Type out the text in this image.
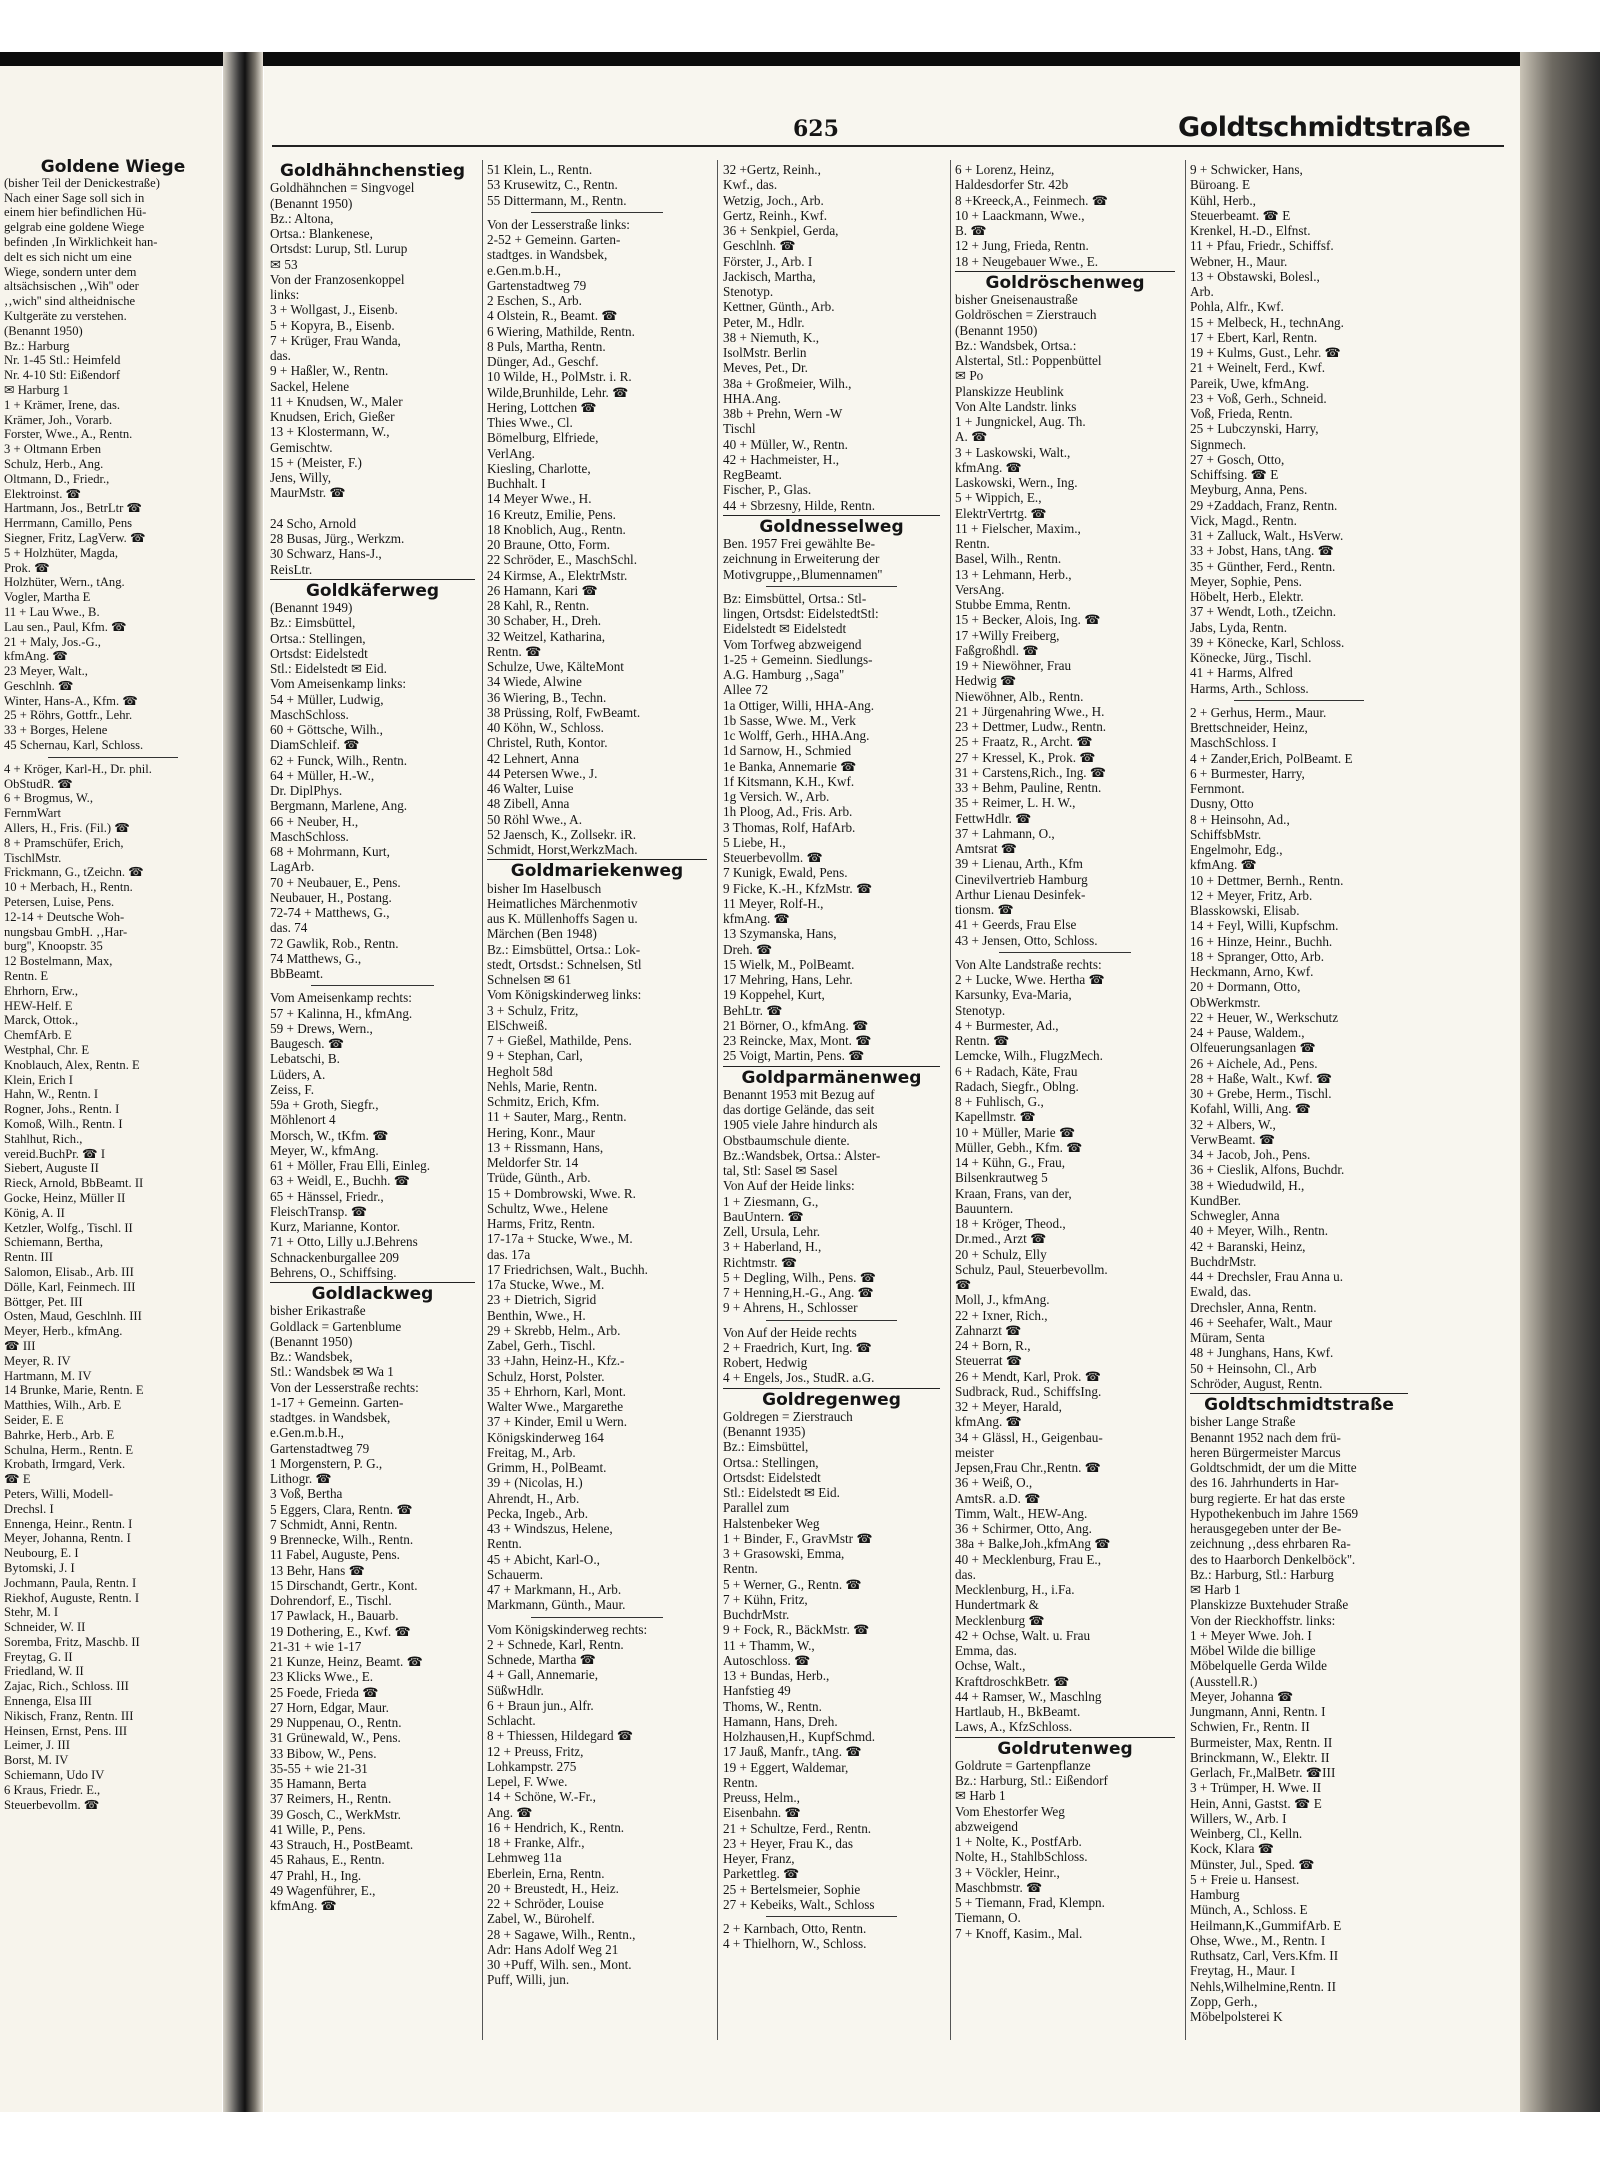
625	Goldtschmidtstraße
Goldene Wiege
(bisher Teil der Denickestraße)
Nach einer Sage soll sich in
einem hier befindlichen Hü-
gelgrab eine goldene Wiege
befinden ‚In Wirklichkeit han-
delt es sich nicht um eine
Wiege, sondern unter dem
altsächsischen ‚‚Wih'' oder
‚‚wich'' sind altheidnische
Kultgeräte zu verstehen.
(Benannt 1950)
Bz.: Harburg
Nr. 1-45 Stl.: Heimfeld
Nr. 4-10 Stl: Eißendorf
✉ Harburg 1
1 + Krämer, Irene, das.
Krämer, Joh., Vorarb.
Forster, Wwe., A., Rentn.
3 + Oltmann Erben
Schulz, Herb., Ang.
Oltmann, D., Friedr.,
Elektroinst. ☎
Hartmann, Jos., BetrLtr ☎
Herrmann, Camillo, Pens
Siegner, Fritz, LagVerw. ☎
5 + Holzhüter, Magda,
Prok. ☎
Holzhüter, Wern., tAng.
Vogler, Martha E
11 + Lau Wwe., B.
Lau sen., Paul, Kfm. ☎
21 + Maly, Jos.-G.,
kfmAng. ☎
23 Meyer, Walt.,
Geschlnh. ☎
Winter, Hans-A., Kfm. ☎
25 + Röhrs, Gottfr., Lehr.
33 + Borges, Helene
45 Schernau, Karl, Schloss.
4 + Kröger, Karl-H., Dr. phil.
ObStudR. ☎
6 + Brogmus, W.,
FernmWart
Allers, H., Fris. (Fil.) ☎
8 + Pramschüfer, Erich,
TischlMstr.
Frickmann, G., tZeichn. ☎
10 + Merbach, H., Rentn.
Petersen, Luise, Pens.
12-14 + Deutsche Woh-
nungsbau GmbH. ‚‚Har-
burg'', Knoopstr. 35
12 Bostelmann, Max,
Rentn. E
Ehrhorn, Erw.,
HEW-Helf. E
Marck, Ottok.,
ChemfArb. E
Westphal, Chr. E
Knoblauch, Alex, Rentn. E
Klein, Erich I
Hahn, W., Rentn. I
Rogner, Johs., Rentn. I
Komoß, Wilh., Rentn. I
Stahlhut, Rich.,
vereid.BuchPr. ☎ I
Siebert, Auguste II
Rieck, Arnold, BbBeamt. II
Gocke, Heinz, Müller II
König, A. II
Ketzler, Wolfg., Tischl. II
Schiemann, Bertha,
Rentn. III
Salomon, Elisab., Arb. III
Dölle, Karl, Feinmech. III
Böttger, Pet. III
Osten, Maud, Geschlnh. III
Meyer, Herb., kfmAng.
☎ III
Meyer, R. IV
Hartmann, M. IV
14 Brunke, Marie, Rentn. E
Matthies, Wilh., Arb. E
Seider, E. E
Bahrke, Herb., Arb. E
Schulna, Herm., Rentn. E
Krobath, Irmgard, Verk.
☎ E
Peters, Willi, Modell-
Drechsl. I
Ennenga, Heinr., Rentn. I
Meyer, Johanna, Rentn. I
Neubourg, E. I
Bytomski, J. I
Jochmann, Paula, Rentn. I
Riekhof, Auguste, Rentn. I
Stehr, M. I
Schneider, W. II
Soremba, Fritz, Maschb. II
Freytag, G. II
Friedland, W. II
Zajac, Rich., Schloss. III
Ennenga, Elsa III
Nikisch, Franz, Rentn. III
Heinsen, Ernst, Pens. III
Leimer, J. III
Borst, M. IV
Schiemann, Udo IV
6 Kraus, Friedr. E.,
Steuerbevollm. ☎
Goldhähnchenstieg
Goldhähnchen = Singvogel
(Benannt 1950)
Bz.: Altona,
Ortsa.: Blankenese,
Ortsdst: Lurup, Stl. Lurup
✉ 53
Von der Franzosenkoppel
links:
3 + Wollgast, J., Eisenb.
5 + Kopyra, B., Eisenb.
7 + Krüger, Frau Wanda,
das.
9 + Haßler, W., Rentn.
Sackel, Helene
11 + Knudsen, W., Maler
Knudsen, Erich, Gießer
13 + Klostermann, W.,
Gemischtw.
15 + (Meister, F.)
Jens, Willy,
MaurMstr. ☎

24 Scho, Arnold
28 Busas, Jürg., Werkzm.
30 Schwarz, Hans-J.,
ReisLtr.
Goldkäferweg
(Benannt 1949)
Bz.: Eimsbüttel,
Ortsa.: Stellingen,
Ortsdst: Eidelstedt
Stl.: Eidelstedt ✉ Eid.
Vom Ameisenkamp links:
54 + Müller, Ludwig,
MaschSchloss.
60 + Göttsche, Wilh.,
DiamSchleif. ☎
62 + Funck, Wilh., Rentn.
64 + Müller, H.-W.,
Dr. DiplPhys.
Bergmann, Marlene, Ang.
66 + Neuber, H.,
MaschSchloss.
68 + Mohrmann, Kurt,
LagArb.
70 + Neubauer, E., Pens.
Neubauer, H., Postang.
72-74 + Matthews, G.,
das. 74
72 Gawlik, Rob., Rentn.
74 Matthews, G.,
BbBeamt.
Vom Ameisenkamp rechts:
57 + Kalinna, H., kfmAng.
59 + Drews, Wern.,
Baugesch. ☎
Lebatschi, B.
Lüders, A.
Zeiss, F.
59a + Groth, Siegfr.,
Möhlenort 4
Morsch, W., tKfm. ☎
Meyer, W., kfmAng.
61 + Möller, Frau Elli, Einleg.
63 + Weidl, E., Buchh. ☎
65 + Hänssel, Friedr.,
FleischTransp. ☎
Kurz, Marianne, Kontor.
71 + Otto, Lilly u.J.Behrens
Schnackenburgallee 209
Behrens, O., Schiffsing.
Goldlackweg
bisher Erikastraße
Goldlack = Gartenblume
(Benannt 1950)
Bz.: Wandsbek,
Stl.: Wandsbek ✉ Wa 1
Von der Lesserstraße rechts:
1-17 + Gemeinn. Garten-
stadtges. in Wandsbek,
e.Gen.m.b.H.,
Gartenstadtweg 79
1 Morgenstern, P. G.,
Lithogr. ☎
3 Voß, Bertha
5 Eggers, Clara, Rentn. ☎
7 Schmidt, Anni, Rentn.
9 Brennecke, Wilh., Rentn.
11 Fabel, Auguste, Pens.
13 Behr, Hans ☎
15 Dirschandt, Gertr., Kont.
Dohrendorf, E., Tischl.
17 Pawlack, H., Bauarb.
19 Dothering, E., Kwf. ☎
21-31 + wie 1-17
21 Kunze, Heinz, Beamt. ☎
23 Klicks Wwe., E.
25 Foede, Frieda ☎
27 Horn, Edgar, Maur.
29 Nuppenau, O., Rentn.
31 Grünewald, W., Pens.
33 Bibow, W., Pens.
35-55 + wie 21-31
35 Hamann, Berta
37 Reimers, H., Rentn.
39 Gosch, C., WerkMstr.
41 Wille, P., Pens.
43 Strauch, H., PostBeamt.
45 Rahaus, E., Rentn.
47 Prahl, H., Ing.
49 Wagenführer, E.,
kfmAng. ☎
51 Klein, L., Rentn.
53 Krusewitz, C., Rentn.
55 Dittermann, M., Rentn.
Von der Lesserstraße links:
2-52 + Gemeinn. Garten-
stadtges. in Wandsbek,
e.Gen.m.b.H.,
Gartenstadtweg 79
2 Eschen, S., Arb.
4 Olstein, R., Beamt. ☎
6 Wiering, Mathilde, Rentn.
8 Puls, Martha, Rentn.
Dünger, Ad., Geschf.
10 Wilde, H., PolMstr. i. R.
Wilde,Brunhilde, Lehr. ☎
Hering, Lottchen ☎
Thies Wwe., Cl.
Bömelburg, Elfriede,
VerlAng.
Kiesling, Charlotte,
Buchhalt. I
14 Meyer Wwe., H.
16 Kreutz, Emilie, Pens.
18 Knoblich, Aug., Rentn.
20 Braune, Otto, Form.
22 Schröder, E., MaschSchl.
24 Kirmse, A., ElektrMstr.
26 Hamann, Kari ☎
28 Kahl, R., Rentn.
30 Schaber, H., Dreh.
32 Weitzel, Katharina,
Rentn. ☎
Schulze, Uwe, KälteMont
34 Wiede, Alwine
36 Wiering, B., Techn.
38 Prüssing, Rolf, FwBeamt.
40 Köhn, W., Schloss.
Christel, Ruth, Kontor.
42 Lehnert, Anna
44 Petersen Wwe., J.
46 Walter, Luise
48 Zibell, Anna
50 Röhl Wwe., A.
52 Jaensch, K., Zollsekr. iR.
Schmidt, Horst,WerkzMach.
Goldmariekenweg
bisher Im Haselbusch
Heimatliches Märchenmotiv
aus K. Müllenhoffs Sagen u.
Märchen (Ben 1948)
Bz.: Eimsbüttel, Ortsa.: Lok-
stedt, Ortsdst.: Schnelsen, Stl
Schnelsen ✉ 61
Vom Königskinderweg links:
3 + Schulz, Fritz,
ElSchweiß.
7 + Gießel, Mathilde, Pens.
9 + Stephan, Carl,
Hegholt 58d
Nehls, Marie, Rentn.
Schmitz, Erich, Kfm.
11 + Sauter, Marg., Rentn.
Hering, Konr., Maur
13 + Rissmann, Hans,
Meldorfer Str. 14
Trüde, Günth., Arb.
15 + Dombrowski, Wwe. R.
Schultz, Wwe., Helene
Harms, Fritz, Rentn.
17-17a + Stucke, Wwe., M.
das. 17a
17 Friedrichsen, Walt., Buchh.
17a Stucke, Wwe., M.
23 + Dietrich, Sigrid
Benthin, Wwe., H.
29 + Skrebb, Helm., Arb.
Zabel, Gerh., Tischl.
33 +Jahn, Heinz-H., Kfz.-
Schulz, Horst, Polster.
35 + Ehrhorn, Karl, Mont.
Walter Wwe., Margarethe
37 + Kinder, Emil u Wern.
Königskinderweg 164
Freitag, M., Arb.
Grimm, H., PolBeamt.
39 + (Nicolas, H.)
Ahrendt, H., Arb.
Pecka, Ingeb., Arb.
43 + Windszus, Helene,
Rentn.
45 + Abicht, Karl-O.,
Schauerm.
47 + Markmann, H., Arb.
Markmann, Günth., Maur.
Vom Königskinderweg rechts:
2 + Schnede, Karl, Rentn.
Schnede, Martha ☎
4 + Gall, Annemarie,
SüßwHdlr.
6 + Braun jun., Alfr.
Schlacht.
8 + Thiessen, Hildegard ☎
12 + Preuss, Fritz,
Lohkampstr. 275
Lepel, F. Wwe.
14 + Schöne, W.-Fr.,
Ang. ☎
16 + Hendrich, K., Rentn.
18 + Franke, Alfr.,
Lehmweg 11a
Eberlein, Erna, Rentn.
20 + Breustedt, H., Heiz.
22 + Schröder, Louise
Zabel, W., Bürohelf.
28 + Sagawe, Wilh., Rentn.,
Adr: Hans Adolf Weg 21
30 +Puff, Wilh. sen., Mont.
Puff, Willi, jun.
32 +Gertz, Reinh.,
Kwf., das.
Wetzig, Joch., Arb.
Gertz, Reinh., Kwf.
36 + Senkpiel, Gerda,
Geschlnh. ☎
Förster, J., Arb. I
Jackisch, Martha,
Stenotyp.
Kettner, Günth., Arb.
Peter, M., Hdlr.
38 + Niemuth, K.,
IsolMstr. Berlin
Meves, Pet., Dr.
38a + Großmeier, Wilh.,
HHA.Ang.
38b + Prehn, Wern -W
Tischl
40 + Müller, W., Rentn.
42 + Hachmeister, H.,
RegBeamt.
Fischer, P., Glas.
44 + Sbrzesny, Hilde, Rentn.
Goldnesselweg
Ben. 1957 Frei gewählte Be-
zeichnung in Erweiterung der
Motivgruppe‚‚Blumennamen''
Bz: Eimsbüttel, Ortsa.: Stl-
lingen, Ortsdst: EidelstedtStl:
Eidelstedt ✉ Eidelstedt
Vom Torfweg abzweigend
1-25 + Gemeinn. Siedlungs-
A.G. Hamburg ‚‚Saga''
Allee 72
1a Ottiger, Willi, HHA-Ang.
1b Sasse, Wwe. M., Verk
1c Wolff, Gerh., HHA.Ang.
1d Sarnow, H., Schmied
1e Banka, Annemarie ☎
1f Kitsmann, K.H., Kwf.
1g Versich. W., Arb.
1h Ploog, Ad., Fris. Arb.
3 Thomas, Rolf, HafArb.
5 Liebe, H.,
Steuerbevollm. ☎
7 Kunigk, Ewald, Pens.
9 Ficke, K.-H., KfzMstr. ☎
11 Meyer, Rolf-H.,
kfmAng. ☎
13 Szymanska, Hans,
Dreh. ☎
15 Wielk, M., PolBeamt.
17 Mehring, Hans, Lehr.
19 Koppehel, Kurt,
BehLtr. ☎
21 Börner, O., kfmAng. ☎
23 Reincke, Max, Mont. ☎
25 Voigt, Martin, Pens. ☎
Goldparmänenweg
Benannt 1953 mit Bezug auf
das dortige Gelände, das seit
1905 viele Jahre hindurch als
Obstbaumschule diente.
Bz.:Wandsbek, Ortsa.: Alster-
tal, Stl: Sasel ✉ Sasel
Von Auf der Heide links:
1 + Ziesmann, G.,
BauUntern. ☎
Zell, Ursula, Lehr.
3 + Haberland, H.,
Richtmstr. ☎
5 + Degling, Wilh., Pens. ☎
7 + Henning,H.-G., Ang. ☎
9 + Ahrens, H., Schlosser
Von Auf der Heide rechts
2 + Fraedrich, Kurt, Ing. ☎
Robert, Hedwig
4 + Engels, Jos., StudR. a.G.
Goldregenweg
Goldregen = Zierstrauch
(Benannt 1935)
Bz.: Eimsbüttel,
Ortsa.: Stellingen,
Ortsdst: Eidelstedt
Stl.: Eidelstedt ✉ Eid.
Parallel zum
Halstenbeker Weg
1 + Binder, F., GravMstr ☎
3 + Grasowski, Emma,
Rentn.
5 + Werner, G., Rentn. ☎
7 + Kühn, Fritz,
BuchdrMstr.
9 + Fock, R., BäckMstr. ☎
11 + Thamm, W.,
Autoschloss. ☎
13 + Bundas, Herb.,
Hanfstieg 49
Thoms, W., Rentn.
Hamann, Hans, Dreh.
Holzhausen,H., KupfSchmd.
17 Jauß, Manfr., tAng. ☎
19 + Eggert, Waldemar,
Rentn.
Preuss, Helm.,
Eisenbahn. ☎
21 + Schultze, Ferd., Rentn.
23 + Heyer, Frau K., das
Heyer, Franz,
Parkettleg. ☎
25 + Bertelsmeier, Sophie
27 + Kebeiks, Walt., Schloss
2 + Karnbach, Otto, Rentn.
4 + Thielhorn, W., Schloss.
6 + Lorenz, Heinz,
Haldesdorfer Str. 42b
8 +Kreeck,A., Feinmech. ☎
10 + Laackmann, Wwe.,
B. ☎
12 + Jung, Frieda, Rentn.
18 + Neugebauer Wwe., E.
Goldröschenweg
bisher Gneisenaustraße
Goldröschen = Zierstrauch
(Benannt 1950)
Bz.: Wandsbek, Ortsa.:
Alstertal, Stl.: Poppenbüttel
✉ Po
Planskizze Heublink
Von Alte Landstr. links
1 + Jungnickel, Aug. Th.
A. ☎
3 + Laskowski, Walt.,
kfmAng. ☎
Laskowski, Wern., Ing.
5 + Wippich, E.,
ElektrVertrtg. ☎
11 + Fielscher, Maxim.,
Rentn.
Basel, Wilh., Rentn.
13 + Lehmann, Herb.,
VersAng.
Stubbe Emma, Rentn.
15 + Becker, Alois, Ing. ☎
17 +Willy Freiberg,
Faßgroßhdl. ☎
19 + Niewöhner, Frau
Hedwig ☎
Niewöhner, Alb., Rentn.
21 + Jürgenahring Wwe., H.
23 + Dettmer, Ludw., Rentn.
25 + Fraatz, R., Archt. ☎
27 + Kressel, K., Prok. ☎
31 + Carstens,Rich., Ing. ☎
33 + Behm, Pauline, Rentn.
35 + Reimer, L. H. W.,
FettwHdlr. ☎
37 + Lahmann, O.,
Amtsrat ☎
39 + Lienau, Arth., Kfm
Cinevilvertrieb Hamburg
Arthur Lienau Desinfek-
tionsm. ☎
41 + Geerds, Frau Else
43 + Jensen, Otto, Schloss.
Von Alte Landstraße rechts:
2 + Lucke, Wwe. Hertha ☎
Karsunky, Eva-Maria,
Stenotyp.
4 + Burmester, Ad.,
Rentn. ☎
Lemcke, Wilh., FlugzMech.
6 + Radach, Käte, Frau
Radach, Siegfr., Oblng.
8 + Fuhlisch, G.,
Kapellmstr. ☎
10 + Müller, Marie ☎
Müller, Gebh., Kfm. ☎
14 + Kühn, G., Frau,
Bilsenkrautweg 5
Kraan, Frans, van der,
Bauuntern.
18 + Kröger, Theod.,
Dr.med., Arzt ☎
20 + Schulz, Elly
Schulz, Paul, Steuerbevollm.
☎
Moll, J., kfmAng.
22 + Ixner, Rich.,
Zahnarzt ☎
24 + Born, R.,
Steuerrat ☎
26 + Mendt, Karl, Prok. ☎
Sudbrack, Rud., SchiffsIng.
32 + Meyer, Harald,
kfmAng. ☎
34 + Glässl, H., Geigenbau-
meister
Jepsen,Frau Chr.,Rentn. ☎
36 + Weiß, O.,
AmtsR. a.D. ☎
Timm, Walt., HEW-Ang.
36 + Schirmer, Otto, Ang.
38a + Balke,Joh.,kfmAng ☎
40 + Mecklenburg, Frau E.,
das.
Mecklenburg, H., i.Fa.
Hundertmark &
Mecklenburg ☎
42 + Ochse, Walt. u. Frau
Emma, das.
Ochse, Walt.,
KraftdroschkBetr. ☎
44 + Ramser, W., Maschlng
Hartlaub, H., BkBeamt.
Laws, A., KfzSchloss.
Goldrutenweg
Goldrute = Gartenpflanze
Bz.: Harburg, Stl.: Eißendorf
✉ Harb 1
Vom Ehestorfer Weg
abzweigend
1 + Nolte, K., PostfArb.
Nolte, H., StahlbSchloss.
3 + Vöckler, Heinr.,
Maschbmstr. ☎
5 + Tiemann, Frad, Klempn.
Tiemann, O.
7 + Knoff, Kasim., Mal.
9 + Schwicker, Hans,
Büroang. E
Kühl, Herb.,
Steuerbeamt. ☎ E
Krenkel, H.-D., Elfnst.
11 + Pfau, Friedr., Schiffsf.
Webner, H., Maur.
13 + Obstawski, Bolesl.,
Arb.
Pohla, Alfr., Kwf.
15 + Melbeck, H., technAng.
17 + Ebert, Karl, Rentn.
19 + Kulms, Gust., Lehr. ☎
21 + Weinelt, Ferd., Kwf.
Pareik, Uwe, kfmAng.
23 + Voß, Gerh., Schneid.
Voß, Frieda, Rentn.
25 + Lubczynski, Harry,
Signmech.
27 + Gosch, Otto,
Schiffsing. ☎ E
Meyburg, Anna, Pens.
29 +Zaddach, Franz, Rentn.
Vick, Magd., Rentn.
31 + Zalluck, Walt., HsVerw.
33 + Jobst, Hans, tAng. ☎
35 + Günther, Ferd., Rentn.
Meyer, Sophie, Pens.
Höbelt, Herb., Elektr.
37 + Wendt, Loth., tZeichn.
Jabs, Lyda, Rentn.
39 + Könecke, Karl, Schloss.
Könecke, Jürg., Tischl.
41 + Harms, Alfred
Harms, Arth., Schloss.
2 + Gerhus, Herm., Maur.
Brettschneider, Heinz,
MaschSchloss. I
4 + Zander,Erich, PolBeamt. E
6 + Burmester, Harry,
Fernmont.
Dusny, Otto
8 + Heinsohn, Ad.,
SchiffsbMstr.
Engelmohr, Edg.,
kfmAng. ☎
10 + Dettmer, Bernh., Rentn.
12 + Meyer, Fritz, Arb.
Blasskowski, Elisab.
14 + Feyl, Willi, Kupfschm.
16 + Hinze, Heinr., Buchh.
18 + Spranger, Otto, Arb.
Heckmann, Arno, Kwf.
20 + Dormann, Otto,
ObWerkmstr.
22 + Heuer, W., Werkschutz
24 + Pause, Waldem.,
Olfeuerungsanlagen ☎
26 + Aichele, Ad., Pens.
28 + Haße, Walt., Kwf. ☎
30 + Grebe, Herm., Tischl.
Kofahl, Willi, Ang. ☎
32 + Albers, W.,
VerwBeamt. ☎
34 + Jacob, Joh., Pens.
36 + Cieslik, Alfons, Buchdr.
38 + Wiedudwild, H.,
KundBer.
Schwegler, Anna
40 + Meyer, Wilh., Rentn.
42 + Baranski, Heinz,
BuchdrMstr.
44 + Drechsler, Frau Anna u.
Ewald, das.
Drechsler, Anna, Rentn.
46 + Seehafer, Walt., Maur
Müram, Senta
48 + Junghans, Hans, Kwf.
50 + Heinsohn, Cl., Arb
Schröder, August, Rentn.
Goldtschmidtstraße
bisher Lange Straße
Benannt 1952 nach dem frü-
heren Bürgermeister Marcus
Goldtschmidt, der um die Mitte
des 16. Jahrhunderts in Har-
burg regierte. Er hat das erste
Hypothekenbuch im Jahre 1569
herausgegeben unter der Be-
zeichnung ‚‚dess ehrbaren Ra-
des to Haarborch Denkelböck''.
Bz.: Harburg, Stl.: Harburg
✉ Harb 1
Planskizze Buxtehuder Straße
Von der Rieckhoffstr. links:
1 + Meyer Wwe. Joh. I
Möbel Wilde die billige
Möbelquelle Gerda Wilde
(Ausstell.R.)
Meyer, Johanna ☎
Jungmann, Anni, Rentn. I
Schwien, Fr., Rentn. II
Burmeister, Max, Rentn. II
Brinckmann, W., Elektr. II
Gerlach, Fr.,MalBetr. ☎III
3 + Trümper, H. Wwe. II
Hein, Anni, Gastst. ☎ E
Willers, W., Arb. I
Weinberg, Cl., Kelln.
Kock, Klara ☎
Münster, Jul., Sped. ☎
5 + Freie u. Hansest.
Hamburg
Münch, A., Schloss. E
Heilmann,K.,GummifArb. E
Ohse, Wwe., M., Rentn. I
Ruthsatz, Carl, Vers.Kfm. II
Freytag, H., Maur. I
Nehls,Wilhelmine,Rentn. II
Zopp, Gerh.,
Möbelpolsterei K
